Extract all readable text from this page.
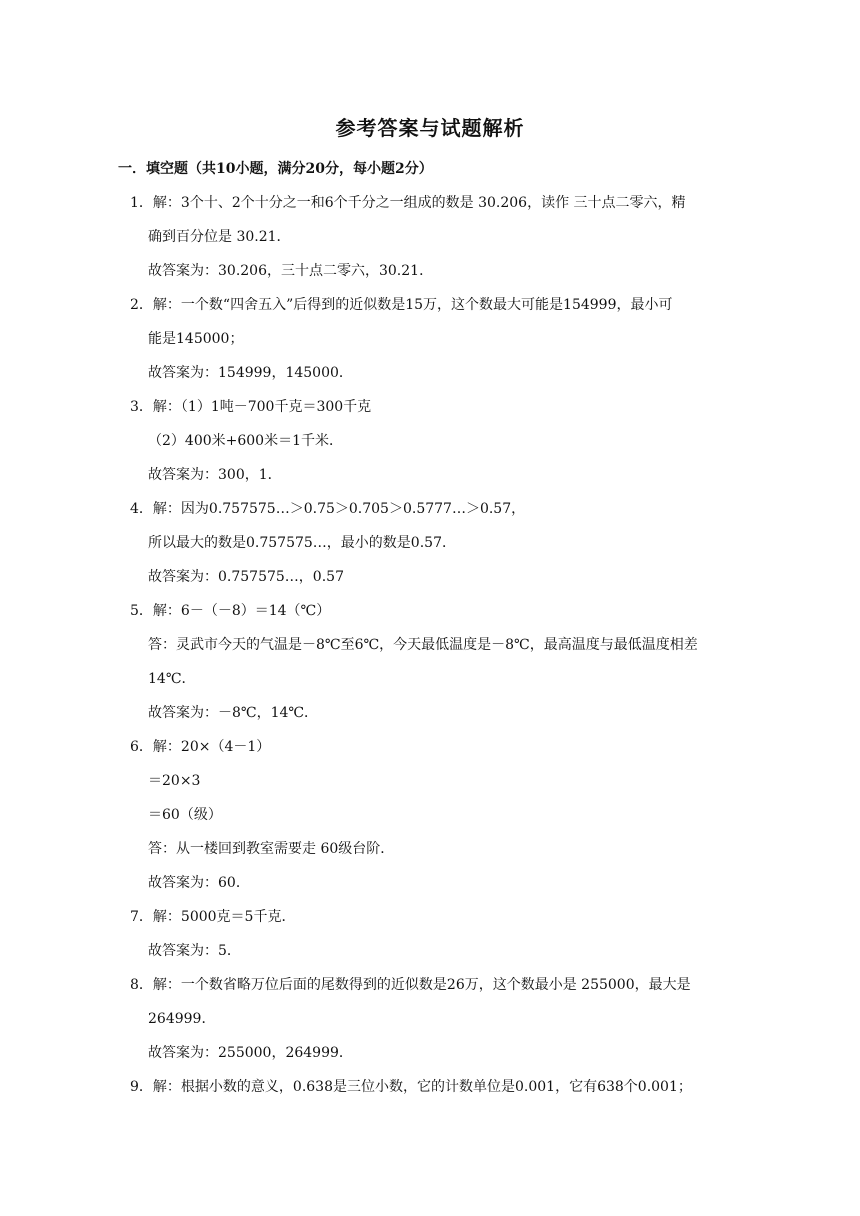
参考答案与试题解析
一．填空题（共10小题，满分20分，每小题2分）
1．解：3个十、2个十分之一和6个千分之一组成的数是 30.206，读作 三十点二零六，精
确到百分位是 30.21．
故答案为：30.206，三十点二零六，30.21．
2．解：一个数“四舍五入”后得到的近似数是15万，这个数最大可能是154999，最小可
能是145000；
故答案为：154999，145000．
3．解：（1）1吨－700千克＝300千克
（2）400米+600米＝1千米．
故答案为：300，1．
4．解：因为0.757575…＞0.75＞0.705＞0.5777…＞0.57，
所以最大的数是0.757575…，最小的数是0.57．
故答案为：0.757575…，0.57
5．解：6－（－8）＝14（℃）
答：灵武市今天的气温是－8℃至6℃，今天最低温度是－8℃，最高温度与最低温度相差
14℃．
故答案为：－8℃，14℃．
6．解：20×（4－1）
＝20×3
＝60（级）
答：从一楼回到教室需要走 60级台阶．
故答案为：60．
7．解：5000克＝5千克．
故答案为：5．
8．解：一个数省略万位后面的尾数得到的近似数是26万，这个数最小是 255000，最大是
264999．
故答案为：255000，264999．
9．解：根据小数的意义，0.638是三位小数，它的计数单位是0.001，它有638个0.001；
